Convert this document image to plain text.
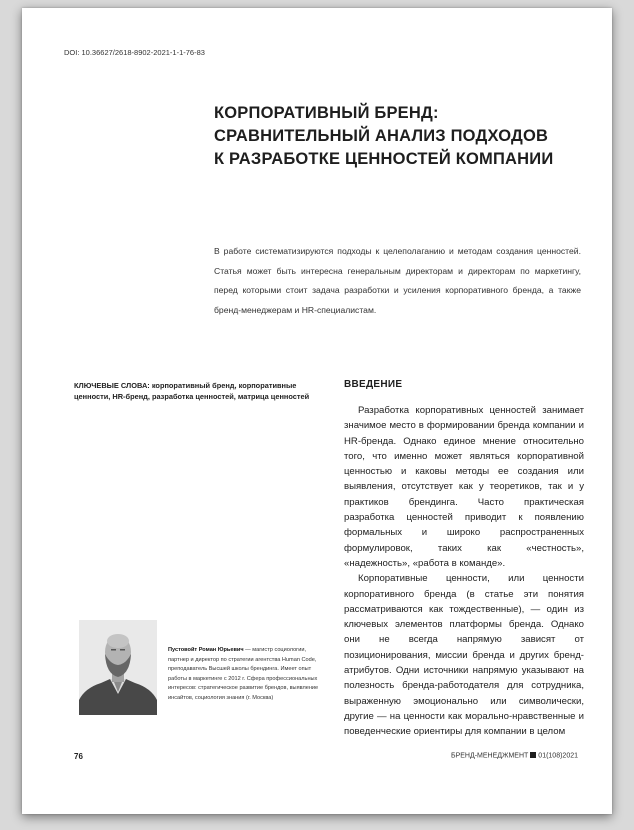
DOI: 10.36627/2618-8902-2021-1-1-76-83
КОРПОРАТИВНЫЙ БРЕНД: СРАВНИТЕЛЬНЫЙ АНАЛИЗ ПОДХОДОВ К РАЗРАБОТКЕ ЦЕННОСТЕЙ КОМПАНИИ

В работе систематизируются подходы к целеполаганию и методам создания ценностей. Статья может быть интересна генеральным директорам и директорам по маркетингу, перед которыми стоит задача разработки и усиления корпоративного бренда, а также бренд-менеджерам и HR-специалистам.

КЛЮЧЕВЫЕ СЛОВА: корпоративный бренд, корпоративные ценности, HR-бренд, разработка ценностей, матрица ценностей

ВВЕДЕНИЕ

Разработка корпоративных ценностей занимает значимое место в формировании бренда компании и HR-бренда. Однако единое мнение относительно того, что именно может являться корпоративной ценностью и каковы методы ее создания или выявления, отсутствует как у теоретиков, так и у практиков брендинга. Часто практическая разработка ценностей приводит к появлению формальных и широко распространенных формулировок, таких как «честность», «надежность», «работа в команде».

Корпоративные ценности, или ценности корпоративного бренда (в статье эти понятия рассматриваются как тождественные), — один из ключевых элементов платформы бренда. Однако они не всегда напрямую зависят от позиционирования, миссии бренда и других бренд-атрибутов. Одни источники напрямую указывают на полезность бренда-работодателя для сотрудника, выраженную эмоционально или символически, другие — на ценности как морально-нравственные и поведенческие ориентиры для компании в целом

Пустовойт Роман Юрьевич — магистр социологии, партнер и директор по стратегии агентства Human Code, преподаватель Высшей школы брендинга. Имеет опыт работы в маркетинге с 2012 г. Сфера профессиональных интересов: стратегическое развитие брендов, выявление инсайтов, социология знания (г. Москва)

76	БРЕНД-МЕНЕДЖМЕНТ 01(108)2021
